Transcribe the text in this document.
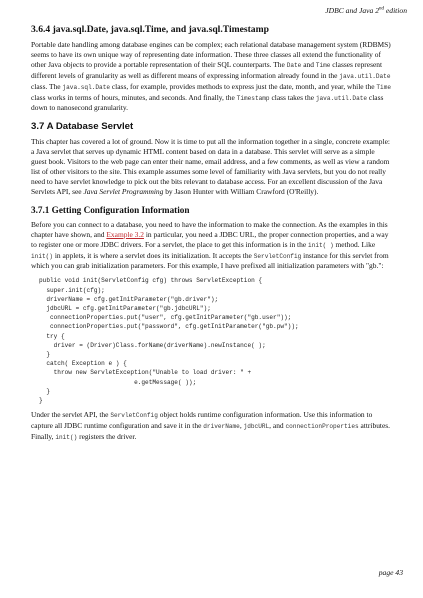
JDBC and Java 2nd edition
3.6.4 java.sql.Date, java.sql.Time, and java.sql.Timestamp

Portable date handling among database engines can be complex; each relational database management system (RDBMS) seems to have its own unique way of representing date information. These three classes all extend the functionality of other Java objects to provide a portable representation of their SQL counterparts. The Date and Time classes represent different levels of granularity as well as different means of expressing information already found in the java.util.Date class. The java.sql.Date class, for example, provides methods to express just the date, month, and year, while the Time class works in terms of hours, minutes, and seconds. And finally, the Timestamp class takes the java.util.Date class down to nanosecond granularity.

3.7 A Database Servlet

This chapter has covered a lot of ground. Now it is time to put all the information together in a single, concrete example: a Java servlet that serves up dynamic HTML content based on data in a database. This servlet will serve as a simple guest book. Visitors to the web page can enter their name, email address, and a few comments, as well as view a random list of other visitors to the site. This example assumes some level of familiarity with Java servlets, but you do not really need to have servlet knowledge to pick out the bits relevant to database access. For an excellent discussion of the Java Servlets API, see Java Servlet Programming by Jason Hunter with William Crawford (O'Reilly).

3.7.1 Getting Configuration Information

Before you can connect to a database, you need to have the information to make the connection. As the examples in this chapter have shown, and Example 3.2 in particular, you need a JDBC URL, the proper connection properties, and a way to register one or more JDBC drivers. For a servlet, the place to get this information is in the init( ) method. Like init() in applets, it is where a servlet does its initialization. It accepts the ServletConfig instance for this servlet from which you can grab initialization parameters. For this example, I have prefixed all initialization parameters with "gb.":

public void init(ServletConfig cfg) throws ServletException {
super.init(cfg);
driverName = cfg.getInitParameter("gb.driver");
jdbcURL = cfg.getInitParameter("gb.jdbcURL");
connectionProperties.put("user", cfg.getInitParameter("gb.user"));
connectionProperties.put("password", cfg.getInitParameter("gb.pw"));
try {
driver = (Driver)Class.forName(driverName).newInstance( );
}
catch( Exception e ) {
throw new ServletException("Unable to load driver: " +
e.getMessage( ));
}
}

Under the servlet API, the ServletConfig object holds runtime configuration information. Use this information to capture all JDBC runtime configuration and save it in the driverName, jdbcURL, and connectionProperties attributes. Finally, init() registers the driver.

page 43
